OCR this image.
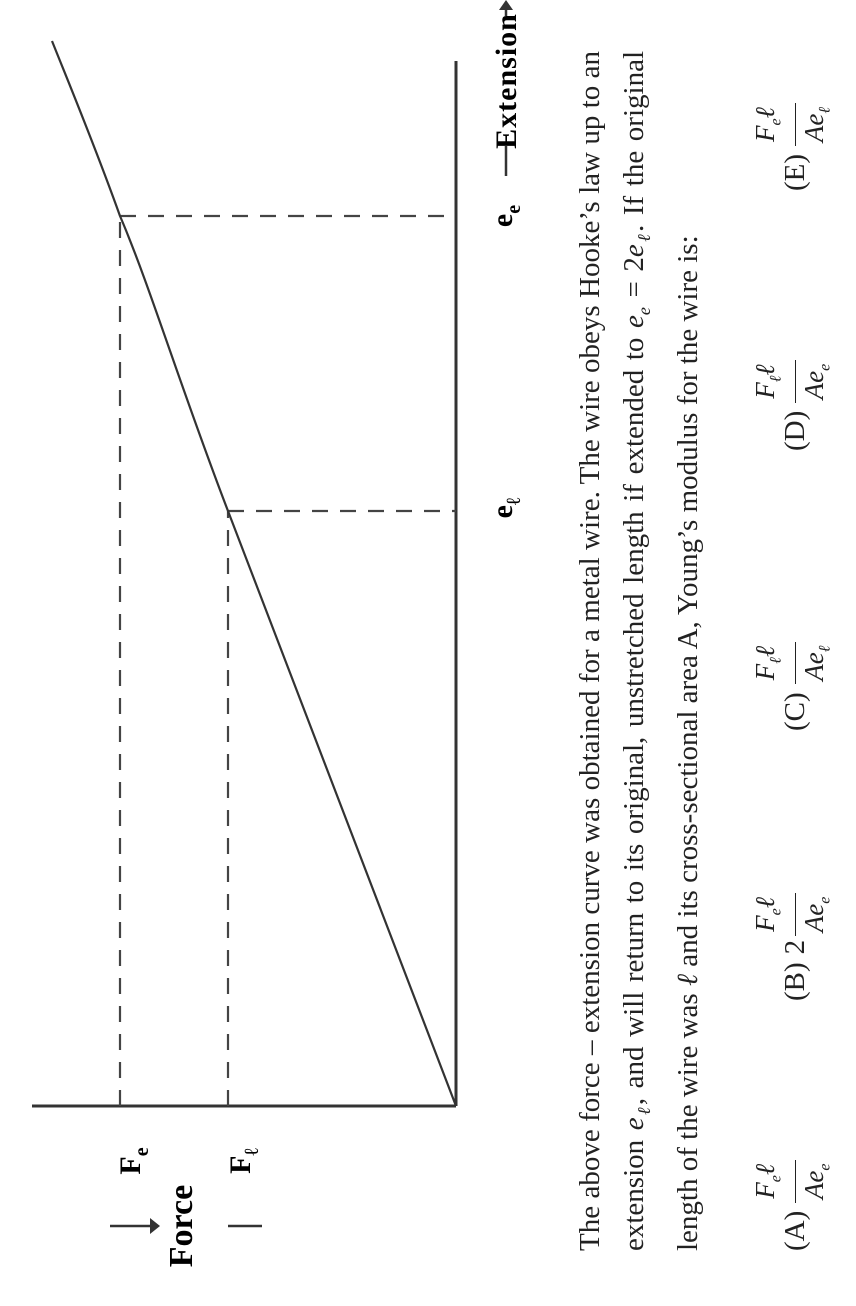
Force
$F_e$
$F_\ell$
$e_\ell$
$e_e$
Extension The above force – extension curve was obtained for a metal wire. The wire obeys Hooke’s law up to an extension $e_\ell$, and will return to its original, unstretched length if extended to $e_e = 2e_\ell$. If the original length of the wire was ℓ and its cross-sectional area A, Young’s modulus for the wire is:

(A)
$F_e\ell$
$Ae_e$
(B)
2
$F_e\ell$
$Ae_e$
(C)
$F_\ell\ell$
$Ae_\ell$
(D)
$F_\ell\ell$
$Ae_e$
(E)
$F_e\ell$
$Ae_\ell$
